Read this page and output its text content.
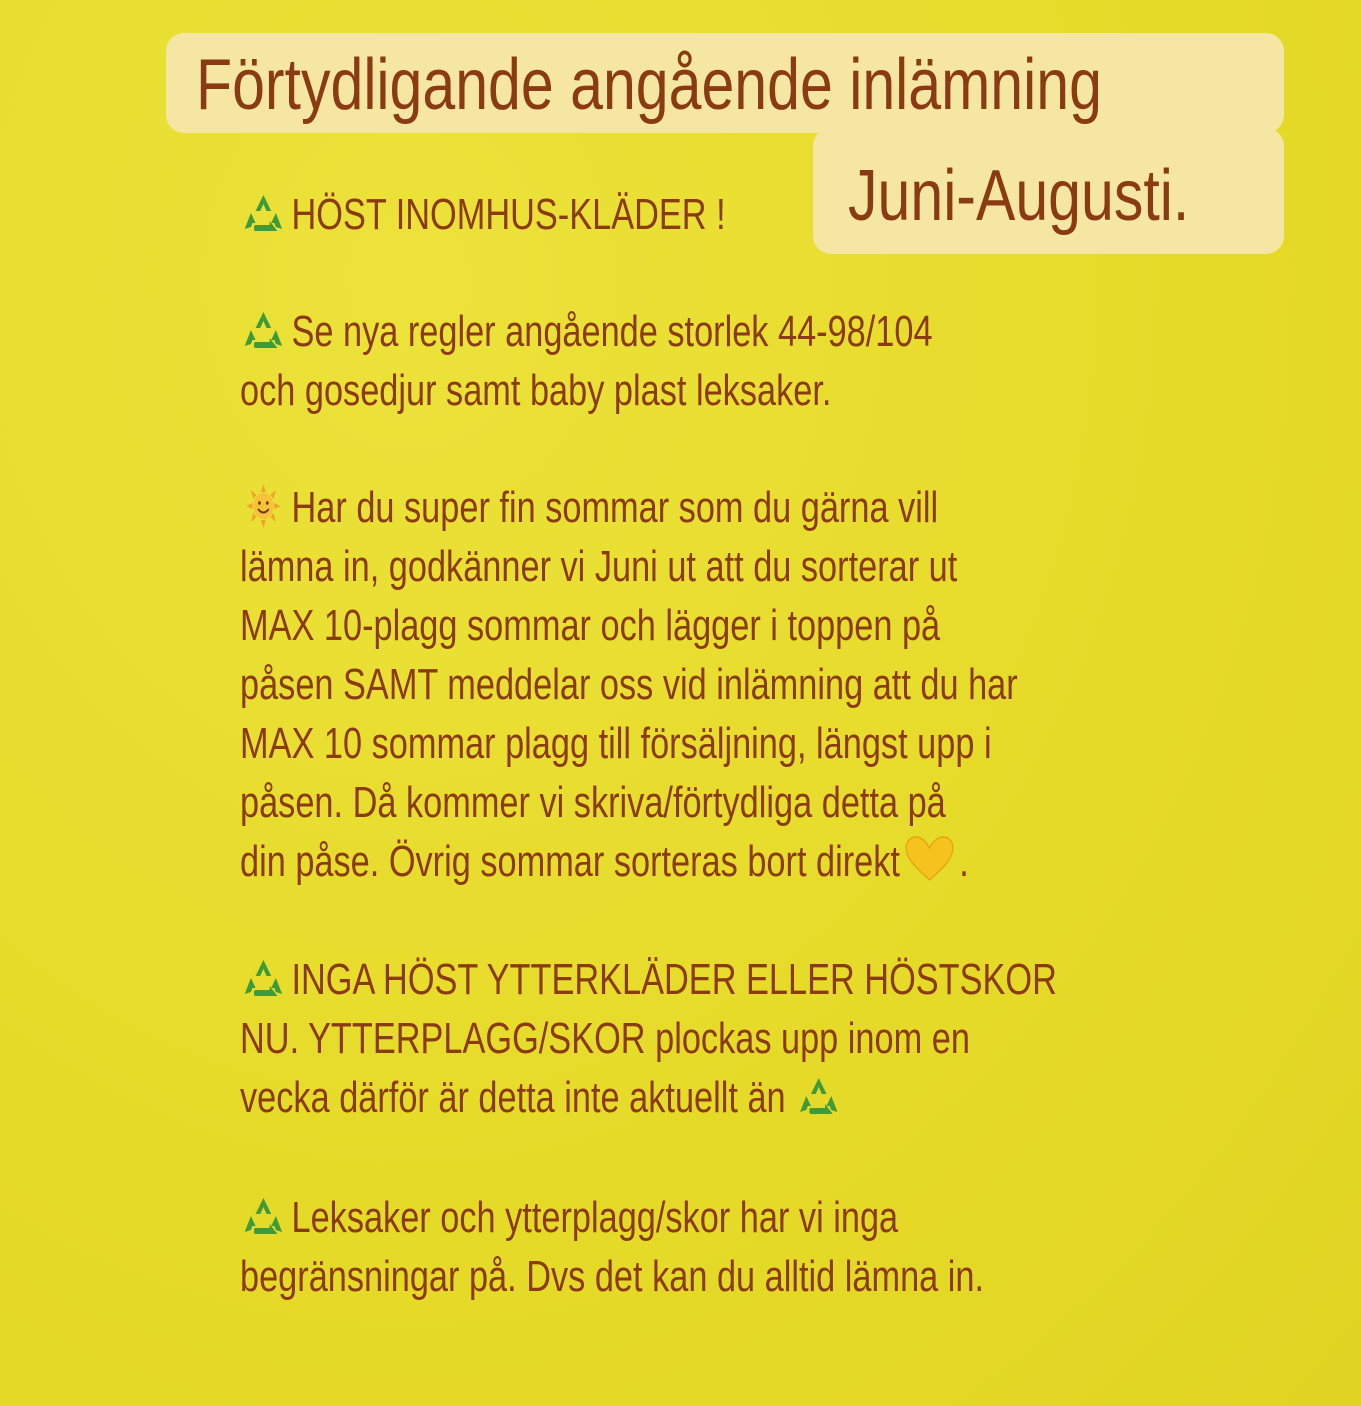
Förtydligande angående inlämning
Juni-Augusti.
HÖST INOMHUS-KLÄDER !
Se nya regler angående storlek 44-98/104
och gosedjur samt baby plast leksaker.
Har du super fin sommar som du gärna vill
lämna in, godkänner vi Juni ut att du sorterar ut
MAX 10-plagg sommar och lägger i toppen på
påsen SAMT meddelar oss vid inlämning att du har
MAX 10 sommar plagg till försäljning, längst upp i
påsen. Då kommer vi skriva/förtydliga detta på
din påse. Övrig sommar sorteras bort direkt .
INGA HÖST YTTERKLÄDER ELLER HÖSTSKOR
NU. YTTERPLAGG/SKOR plockas upp inom en
vecka därför är detta inte aktuellt än
Leksaker och ytterplagg/skor har vi inga
begränsningar på. Dvs det kan du alltid lämna in.
